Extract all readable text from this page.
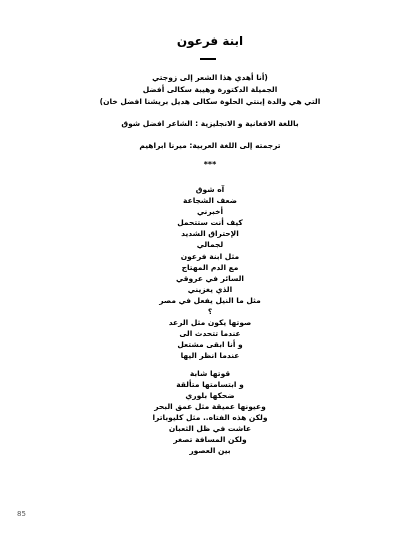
ابنة فرعون
(أنا أهدي هذا الشعر إلى زوجتي
الجميلة الدكتورة وهيبة سكالى أفضل
التي هي والدة إبنتي الحلوة سكالى هديل بريشنا افضل خان)
باللغة الافغانية و الانجليزية : الشاعر افضل شوق
ترجمته إلى اللغة العربية: ميرنا ابراهيم
***
آه شوق
ضعف الشجاعة
أخبرني
كيف أنت ستتحمل
الإحتراق الشديد
لجمالي
مثل ابنة فرعون
مع الدم المهتاج
السائر في عروقي
الذي يغزيني
مثل ما النيل يفعل في مصر
؟
صوتها يكون مثل الرعد
عندما تتحدث الى
و أنا ابقى مشتعل
عندما انظر اليها
قوتها شابة
و ابتسامتها متألقة
ضحكها بلوري
وعيونها عميقة مثل عمق البحر
ولكن هذه الفتاه.. مثل كليوباترا
عاشت في ظل الثعبان
ولكن المسافة تصغر
بين العصور
85
